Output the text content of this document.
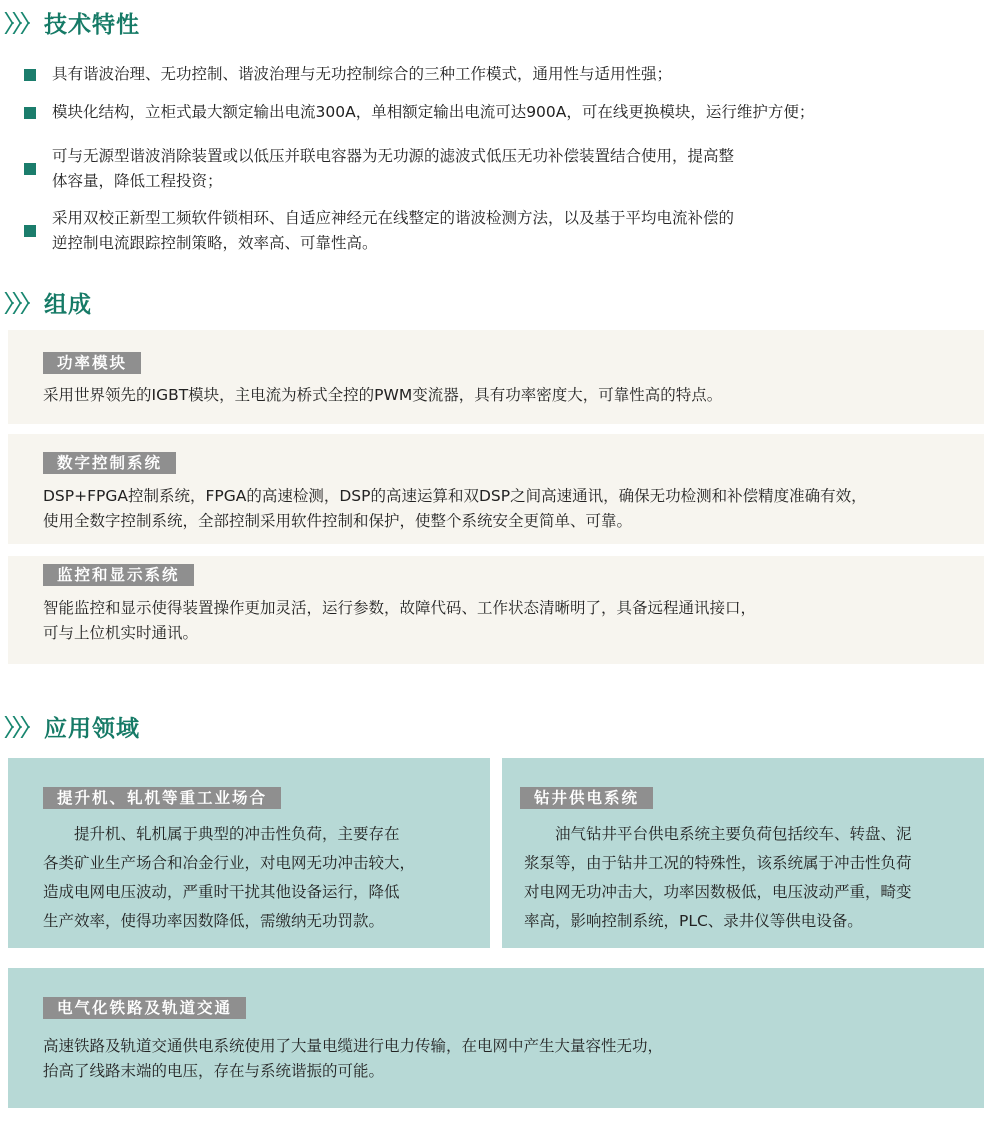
技术特性
具有谐波治理、无功控制、谐波治理与无功控制综合的三种工作模式，通用性与适用性强；
模块化结构，立柜式最大额定输出电流300A，单相额定输出电流可达900A，可在线更换模块，运行维护方便；
可与无源型谐波消除装置或以低压并联电容器为无功源的滤波式低压无功补偿装置结合使用，提高整
体容量，降低工程投资；
采用双校正新型工频软件锁相环、自适应神经元在线整定的谐波检测方法，以及基于平均电流补偿的
逆控制电流跟踪控制策略，效率高、可靠性高。
组成
功率模块
采用世界领先的IGBT模块，主电流为桥式全控的PWM变流器，具有功率密度大，可靠性高的特点。
数字控制系统
DSP+FPGA控制系统，FPGA的高速检测，DSP的高速运算和双DSP之间高速通讯，确保无功检测和补偿精度准确有效，
使用全数字控制系统，全部控制采用软件控制和保护，使整个系统安全更简单、可靠。
监控和显示系统
智能监控和显示使得装置操作更加灵活，运行参数，故障代码、工作状态清晰明了，具备远程通讯接口，
可与上位机实时通讯。
应用领域
提升机、轧机等重工业场合
提升机、轧机属于典型的冲击性负荷，主要存在
各类矿业生产场合和冶金行业，对电网无功冲击较大，
造成电网电压波动，严重时干扰其他设备运行，降低
生产效率，使得功率因数降低，需缴纳无功罚款。
钻井供电系统
油气钻井平台供电系统主要负荷包括绞车、转盘、泥
浆泵等，由于钻井工况的特殊性，该系统属于冲击性负荷
对电网无功冲击大，功率因数极低，电压波动严重，畸变
率高，影响控制系统，PLC、录井仪等供电设备。
电气化铁路及轨道交通
高速铁路及轨道交通供电系统使用了大量电缆进行电力传输，在电网中产生大量容性无功，
抬高了线路末端的电压，存在与系统谐振的可能。
